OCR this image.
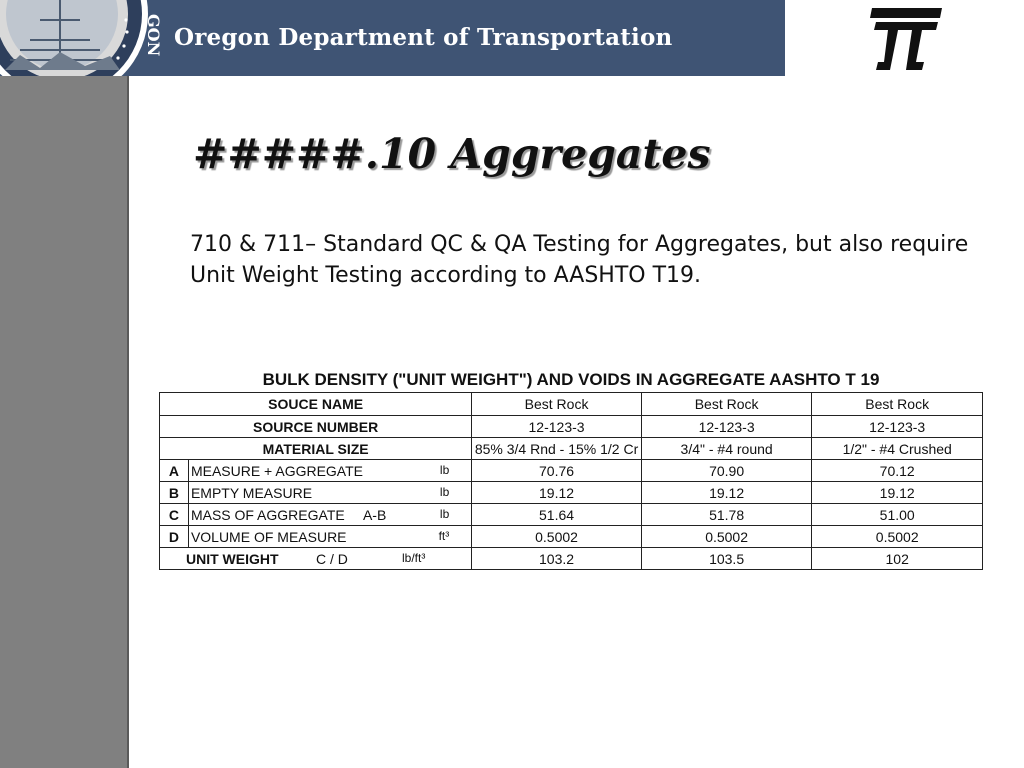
GON Oregon Department of Transportation
#####.10 Aggregates
710 & 711– Standard QC & QA Testing for Aggregates, but also require Unit Weight Testing according to AASHTO T19.
BULK DENSITY ("UNIT WEIGHT") AND VOIDS IN AGGREGATE AASHTO T 19
SOUCE NAME		Best Rock	Best Rock	Best Rock
SOURCE NUMBER		12-123-3	12-123-3	12-123-3
MATERIAL SIZE		85% 3/4 Rnd - 15% 1/2 Cr	3/4" - #4 round	1/2" - #4 Crushed
A	MEASURE + AGGREGATE lb	70.76	70.90	70.12
B	EMPTY MEASURE lb	19.12	19.12	19.12
C	MASS OF AGGREGATE A-B lb	51.64	51.78	51.00
D	VOLUME OF MEASURE ft³	0.5002	0.5002	0.5002

UNIT WEIGHT C / D lb/ft³		103.2	103.5	102
